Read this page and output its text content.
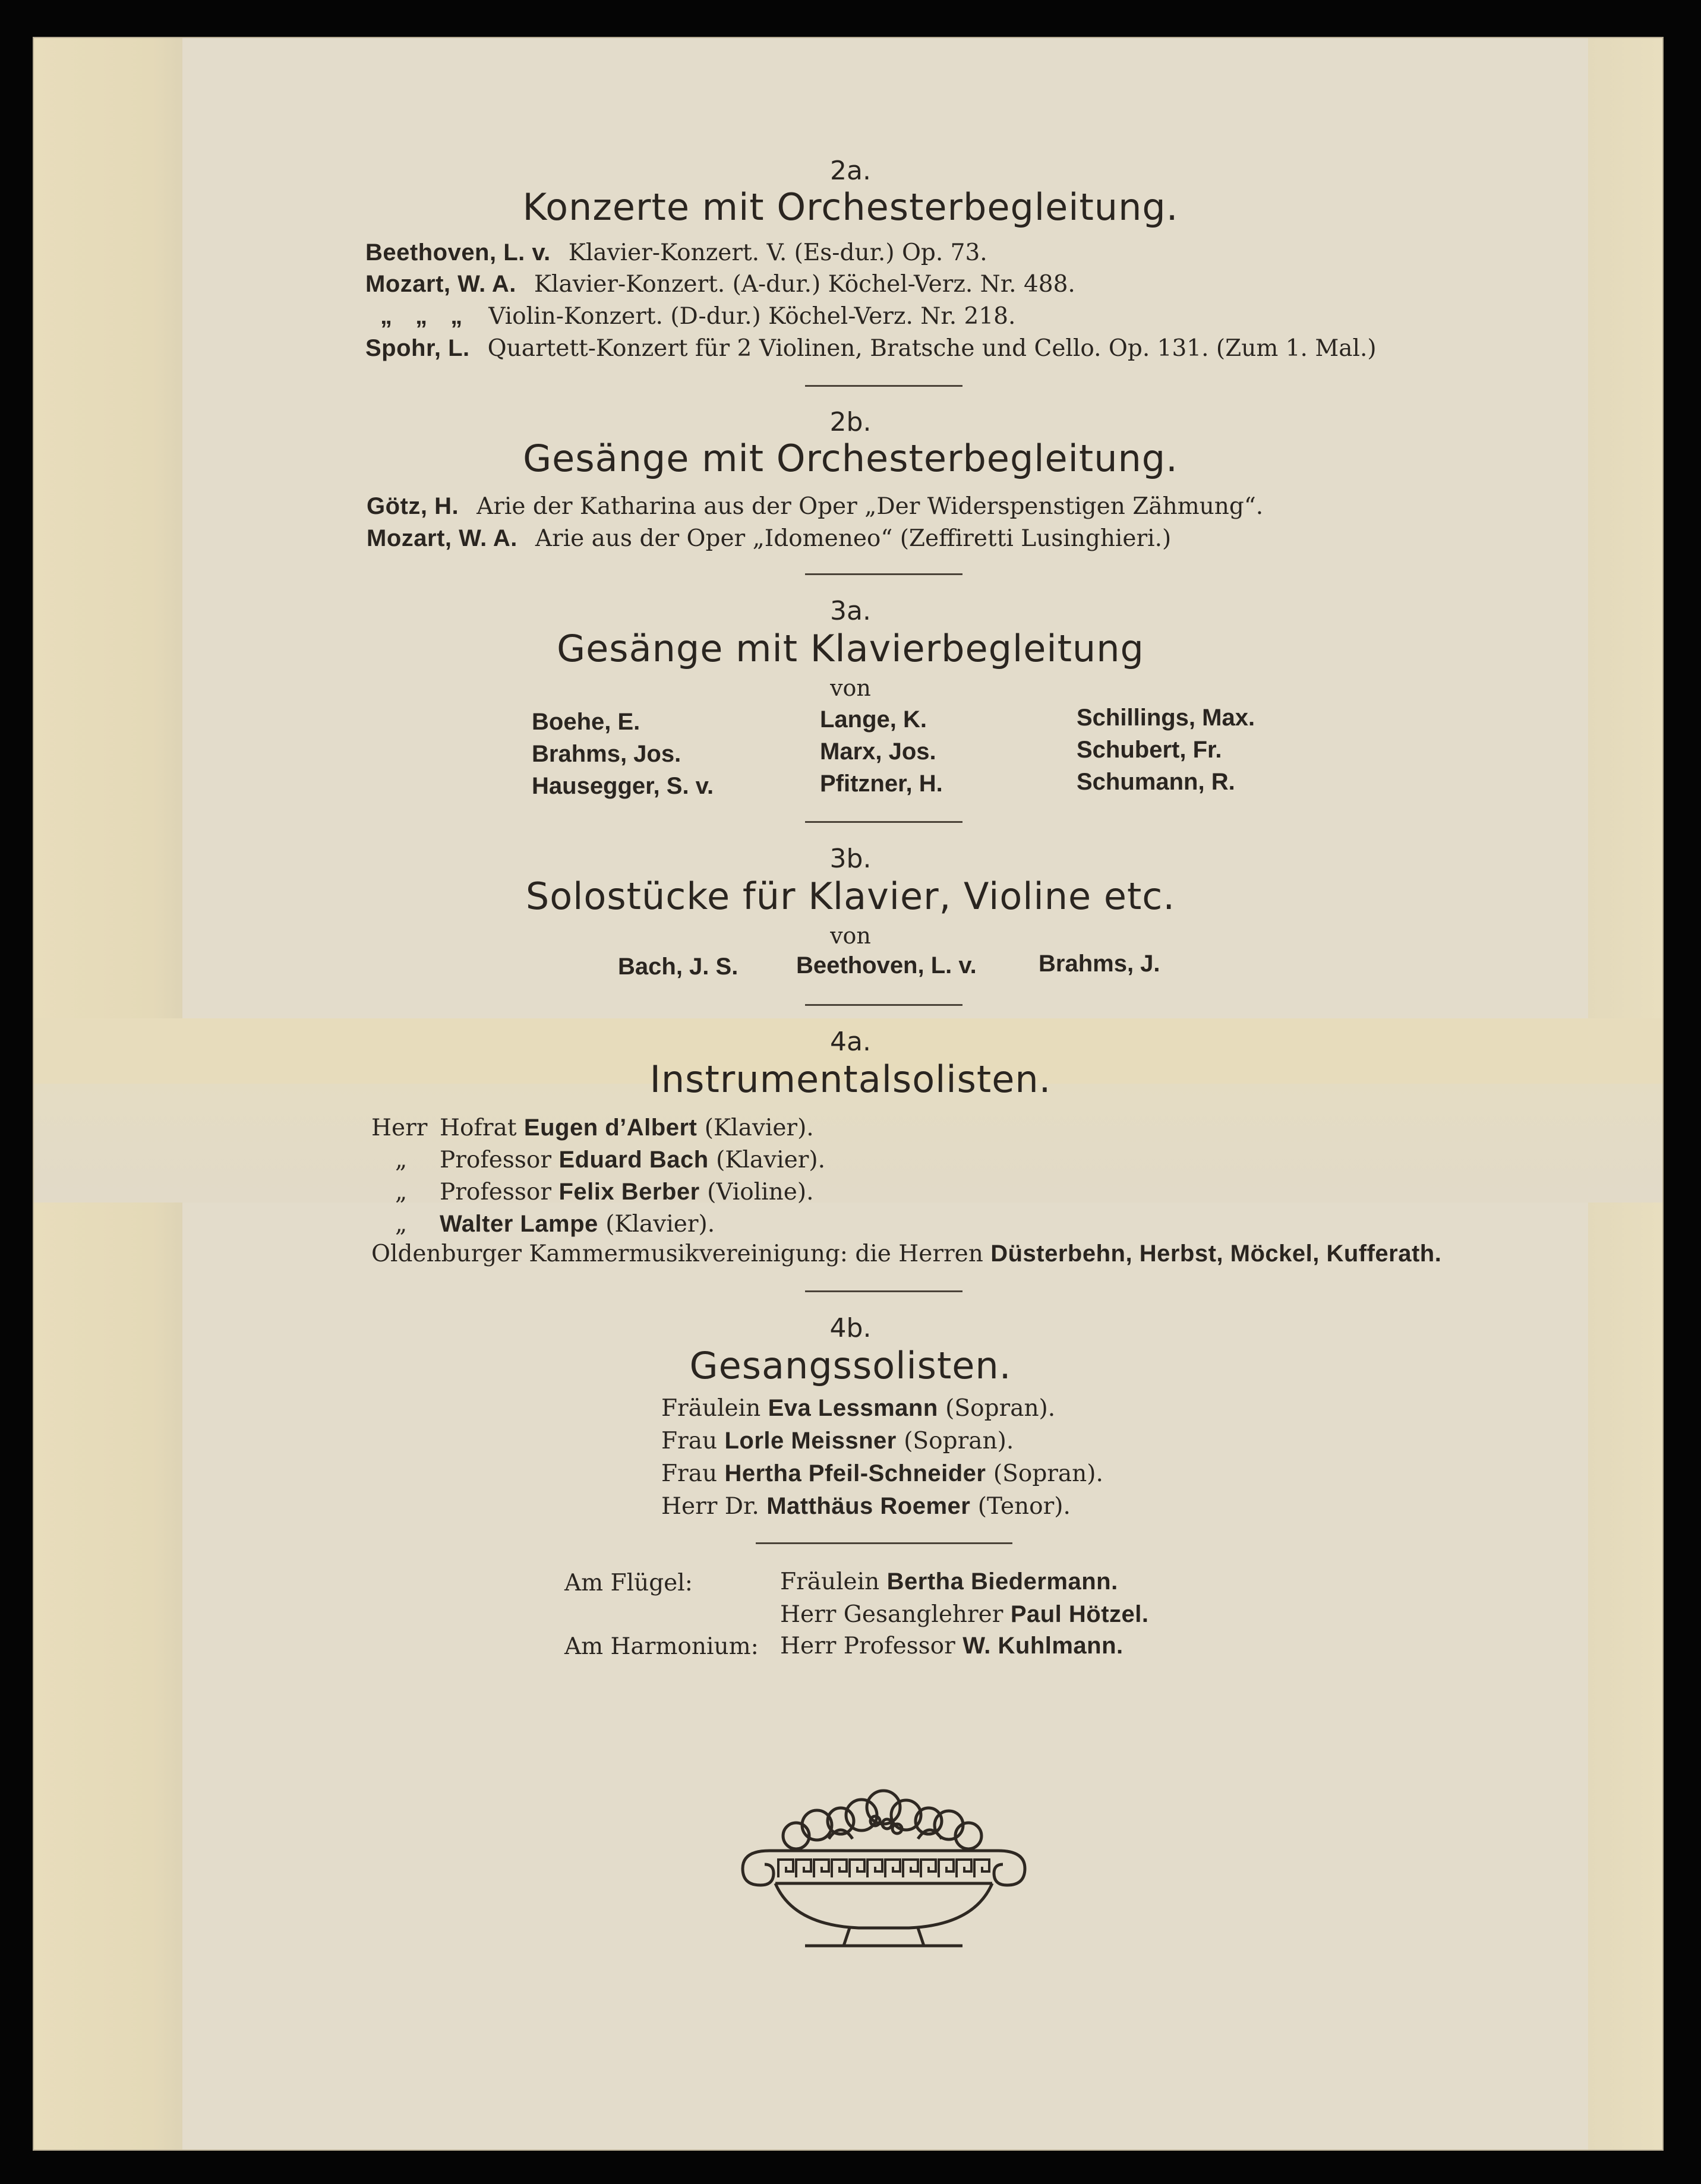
2a.
Konzerte mit Orchesterbegleitung.
Beethoven, L. v. Klavier-Konzert. V. (Es-dur.) Op. 73.
Mozart, W. A. Klavier-Konzert. (A-dur.) Köchel-Verz. Nr. 488.
„ „ „ Violin-Konzert. (D-dur.) Köchel-Verz. Nr. 218.
Spohr, L. Quartett-Konzert für 2 Violinen, Bratsche und Cello. Op. 131. (Zum 1. Mal.)
2b.
Gesänge mit Orchesterbegleitung.
Götz, H. Arie der Katharina aus der Oper „Der Widerspenstigen Zähmung“.
Mozart, W. A. Arie aus der Oper „Idomeneo“ (Zeffiretti Lusinghieri.)
3a.
Gesänge mit Klavierbegleitung
von
Boehe, E.
Brahms, Jos.
Hausegger, S. v.
Lange, K.
Marx, Jos.
Pfitzner, H.
Schillings, Max.
Schubert, Fr.
Schumann, R.
3b.
Solostücke für Klavier, Violine etc.
von
Bach, J. S. Beethoven, L. v.	Brahms, J.
4a.
Instrumentalsolisten.
Herr Hofrat Eugen d’Albert (Klavier).
„ Professor Eduard Bach (Klavier).
„ Professor Felix Berber (Violine).
„ Walter Lampe (Klavier).
Oldenburger Kammermusikvereinigung: die Herren Düsterbehn, Herbst, Möckel, Kufferath.
4b.
Gesangssolisten.
Fräulein Eva Lessmann (Sopran).
Frau Lorle Meissner (Sopran).
Frau Hertha Pfeil-Schneider (Sopran).
Herr Dr. Matthäus Roemer (Tenor).
Am Flügel:	Fräulein Bertha Biedermann.
Herr Gesanglehrer Paul Hötzel.
Am Harmonium: Herr Professor W. Kuhlmann.
